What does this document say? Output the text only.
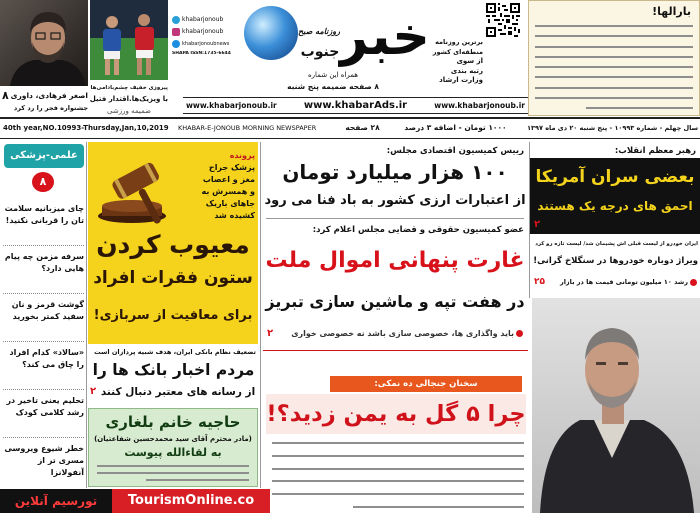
اصغر فرهادی، داوری
جشنواره فجر را رد کرد
۸
پیروزی خفیف چشم‌بادامی‌ها
با ویزیک‌ها.اقتدار فتیل
ضمیمه ورزشی
khabarjonoub
khabarjonoub
khabarjonoubnews
SHAPA ISSN:1735-6644 خبر
روزنامه صبح
جنوب
همراه این شماره
۸ صفحه ضمیمه پنج شنبه
برترین روزنامه
منطقه‌ای کشور
از سوی
رتبه بندی
وزارت ارشاد
بارالها!
www.khabarjonoub.ir	www.khabarAds.ir	www.khabarjonoub.ir
40th year,NO.10993-Thursday,Jan,10,2019	KHABAR-E-JONOUB MORNING NEWSPAPER	۲۸ صفحه	۱۰۰۰ تومان - اضافه ۳ درصد	سال چهلم - شماره ۱۰۹۹۳ - پنج شنبه ۲۰ دی ماه ۱۳۹۷
علمی-پزشکی
۸
چای میزبانیه سلامت تان را قربانی نکنید!
سرفه مزمن چه پیام هایی دارد؟
گوشت قرمز و نان سفید کمتر بخورید
«سالاد» کدام افراد را چاق می کند؟
تحلیم یعنی تاخیر در رشد کلامی کودک
خطر شیوع ویروسی مسری تر از آنفولانزا
پرونده
پزشک جراح
مغز و اعصاب
و همسرش به
جاهای باریک
کشیده شد
معیوب کردن
ستون فقرات افراد
برای معافیت از سربازی!
تضعیف نظام بانکی ایران، هدف شبیه پردازان است
مردم اخبار بانک ها را
از رسانه های معتبر دنبال کنند
۲
حاجیه خانم بلغاری
(مادر محترم آقای سید محمدحسین شفاعتیان)
به لقاءالله پیوست
رییس کمیسیون اقتصادی مجلس:
۱۰۰ هزار میلیارد تومان
از اعتبارات ارزی کشور به باد فنا می رود
عضو کمیسیون حقوقی و قضایی مجلس اعلام کرد:
غارت پنهانی اموال ملت
در هفت تپه و ماشین سازی تبریز
باید واگذاری ها، خصوصی سازی باشد نه خصوصی خواری
۲
سخنان جنجالی ده نمکی:
چرا ۵ گل به یمن زدید؟!
رهبر معظم انقلاب:
بعضی سران آمریکا
احمق های درجه یک هستند
۲
ایران خودرو از لیست قبلی اش پشیمان شد/ لیست تازه رو کرد
ویراژ دوباره خودروها در سنگلاخ گرانی!
رشد ۱۰ میلیون تومانی قیمت ها در بازار
۲۵
تورسیم آنلاین	TourismOnline.co
